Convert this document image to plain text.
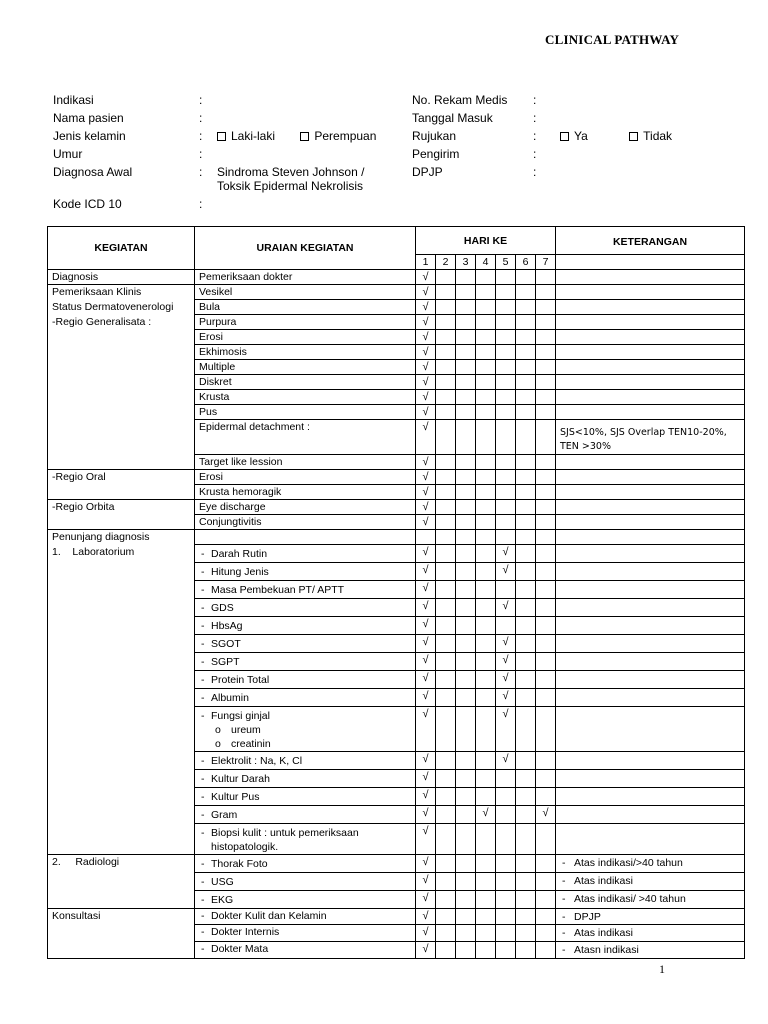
CLINICAL PATHWAY
Indikasi	:
Nama pasien	:
Jenis kelamin	:	Laki-laki	Perempuan
Umur	:
Diagnosa Awal	: Sindroma Steven Johnson /
Toksik Epidermal Nekrolisis
Kode ICD 10	:
No. Rekam Medis :
Tanggal Masuk	:
Rujukan	:	Ya	Tidak
Pengirim	:
DPJP	:
KEGIATAN	URAIAN KEGIATAN	HARI KE							KETERANGAN
		1	2	3	4	5	6	7	
Diagnosis	Pemeriksaan dokter	√							
Pemeriksaan Klinis	Vesikel	√							
Status Dermatovenerologi	Bula	√							
-Regio Generalisata :	Purpura	√							
	Erosi	√							
	Ekhimosis	√							
	Multiple	√							
	Diskret	√							
	Krusta	√							
	Pus	√							
	Epidermal detachment :	√							SJS<10%, SJS Overlap TEN10-20%, TEN >30%
	Target like lession	√							
-Regio Oral	Erosi	√							
	Krusta hemoragik	√							
-Regio Orbita	Eye discharge	√							
	Conjungtivitis	√							
Penunjang diagnosis									
1.    Laboratorium	- Darah Rutin	√				√			
	- Hitung Jenis	√				√			
	- Masa Pembekuan PT/ APTT	√							
	- GDS	√				√			
	- HbsAg	√							
	- SGOT	√				√			
	- SGPT	√				√			
	- Protein Total	√				√			
	- Albumin	√				√			
	- Fungsi ginjal
o ureum
o creatinin	√				√			
	- Elektrolit : Na, K, Cl	√				√			
	- Kultur Darah	√							
	- Kultur Pus	√							
	- Gram	√			√			√	
	- Biopsi kulit : untuk pemeriksaan
histopatologik.	√							
2.     Radiologi	- Thorak Foto	√							- Atas indikasi/>40 tahun
	- USG	√							- Atas indikasi
	- EKG	√							- Atas indikasi/ >40 tahun
Konsultasi	- Dokter Kulit dan Kelamin	√							- DPJP
	- Dokter Internis	√							- Atas indikasi
	- Dokter Mata	√							- Atasn indikasi
1
